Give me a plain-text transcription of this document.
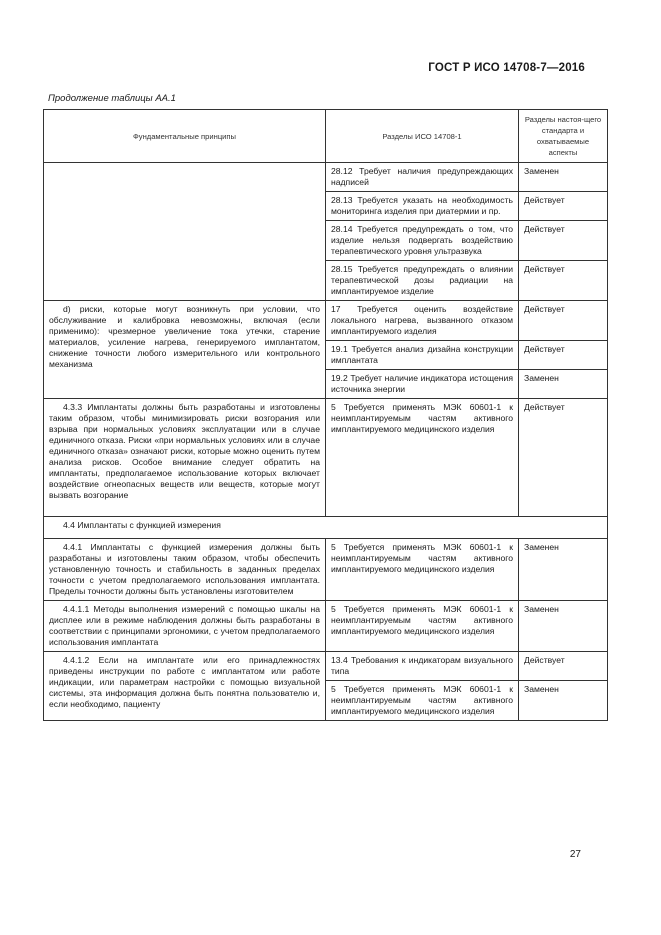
ГОСТ Р ИСО 14708-7—2016
Продолжение таблицы АА.1
Фундаментальные принципы	Разделы ИСО 14708-1	Разделы настоя-щего стандарта и охватываемые аспекты
	28.12 Требует наличия предупреждающих надписей	Заменен
	28.13 Требуется указать на необходимость мониторинга изделия при диатермии и пр.	Действует
	28.14 Требуется предупреждать о том, что изделие нельзя подвергать воздействию терапевтического уровня ультразвука	Действует
	28.15 Требуется предупреждать о влиянии терапевтической дозы радиации на имплантируемое изделие	Действует
d) риски, которые могут возникнуть при условии, что обслуживание и калибровка невозможны, включая (если применимо): чрезмерное увеличение тока утечки, старение материалов, усиление нагрева, генерируемого имплантатом, снижение точности любого измерительного или контрольного механизма	17 Требуется оценить воздействие локального нагрева, вызванного отказом имплантируемого изделия	Действует
	19.1 Требуется анализ дизайна конструкции имплантата	Действует
	19.2 Требует наличие индикатора истощения источника энергии	Заменен
4.3.3 Имплантаты должны быть разработаны и изготовлены таким образом, чтобы минимизировать риски возгорания или взрыва при нормальных условиях эксплуатации или в случае единичного отказа. Риски «при нормальных условиях или в случае единичного отказа» означают риски, которые можно оценить путем анализа рисков. Особое внимание следует обратить на имплантаты, предполагаемое использование которых включает воздействие огнеопасных веществ или веществ, которые могут вызвать возгорание	5 Требуется применять МЭК 60601-1 к неимплантируемым частям активного имплантируемого медицинского изделия	Действует
4.4 Имплантаты с функцией измерения		
4.4.1 Имплантаты с функцией измерения должны быть разработаны и изготовлены таким образом, чтобы обеспечить установленную точность и стабильность в заданных пределах точности с учетом предполагаемого использования имплантата. Пределы точности должны быть установлены изготовителем	5 Требуется применять МЭК 60601-1 к неимплантируемым частям активного имплантируемого медицинского изделия	Заменен
4.4.1.1 Методы выполнения измерений с помощью шкалы на дисплее или в режиме наблюдения должны быть разработаны в соответствии с принципами эргономики, с учетом предполагаемого использования имплантата	5 Требуется применять МЭК 60601-1 к неимплантируемым частям активного имплантируемого медицинского изделия	Заменен
4.4.1.2 Если на имплантате или его принадлежностях приведены инструкции по работе с имплантатом или работе индикации, или параметрам настройки с помощью визуальной системы, эта информация должна быть понятна пользователю и, если необходимо, пациенту	13.4 Требования к индикаторам визуального типа	Действует
	5 Требуется применять МЭК 60601-1 к неимплантируемым частям активного имплантируемого медицинского изделия	Заменен
27
